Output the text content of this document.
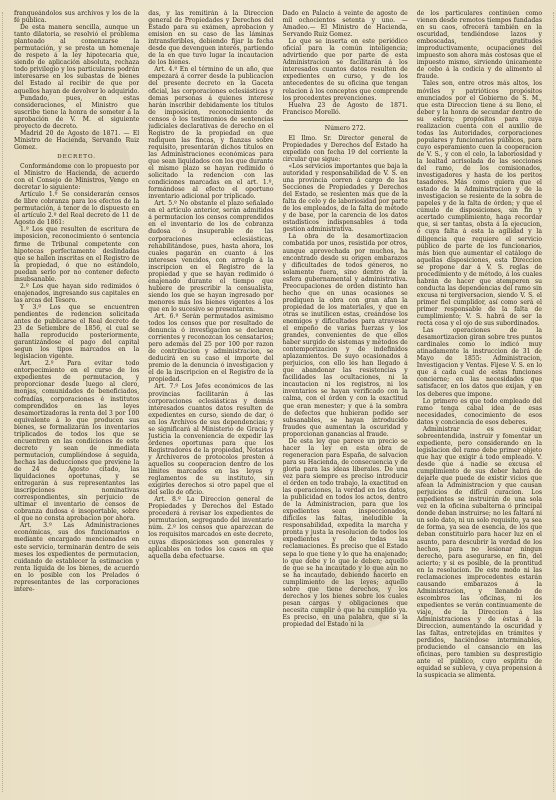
franqueándolos sus archivos y los de la fé pública.

De esta manera sencilla, aunque un tanto dilatoria, se resolvió el problema planteado al comenzarse la permutación, y se presta un homenaje de respeto á la ley hipotecaria que, siendo de aplicación absoluta, rechaza todo privilegio y los particulares podrán interesarse en los subastas de bienes del Estado al recibir de que por aquellos hayan de devolver lo adquirido.

Fundado, pues, en estas consideraciones, el Ministro que suscribe tiene la honra de someter á la aprobación de V. M. el siguiente proyecto de decreto.

Madrid 20 de Agosto de 1871. — El Ministro de Hacienda, Servando Ruiz Gomez.

DECRETO.

Conformándome con lo propuesto por el Ministro de Hacienda, de acuerdo con el Consejo de Ministros, Vengo en decretar lo siguiente:

Artículo 1.º Se considerarán censos de libre cobranza para los efectos de la permutación, á tenor de lo dispuesto en el artículo 2.º del Real decreto de 11 de Agosto de 1861:

1.º Los que resulten de escritura de imposicion, reconocimiento ó sentencia firme de Tribunal competente con hipotecas perfectamente deslindadas que se hallen inscritas en el Registro de la propiedad, ó que no estándolo, puedan serlo por no contener defecto insubsanable.

2.º Los que hayan sido redimidos ó enajenados, ingresando sus capitales en las arcas del Tesoro.

Y 3.º Los que se encuentren pendientes de redencion solicitada antes de publicarse el Real decreto de 23 de Setiembre de 1856, el cual se halla reproducido posteriormente, garantizándose el pago del capital segun los tipos marcados en la legislacion vigente.

Art. 2.º Para evitar todo entorpecimiento en el curso de los expedientes de permutacion, y proporcionar desde luego al clero, monjas, comunidades de beneficiados, cofradías, corporaciones é institutos comprendidos en las leyes desamortizadoras la renta del 3 por 100 equivalente á lo que producen sus bienes, se formalizarán los inventarios triplicados de todos los que se encuentren en las condiciones de este decreto y sean de inmediata permutacion, cumpliéndose á seguida, hechas las deducciones que previene la de 24 de Agosto citado, las liquidaciones oportunas, y se entregarán á sus representantes las inscripciones nominativas correspondientes, sin perjuicio de ultimar el inventario de censos de cobranza dudosa é insoportable, sobre el que no consta aprobacion por ahora.

Art. 3.º Las Administraciones económicas, sus dos funcionarios o mediante encargado mencionados en este servicio, terminarán dentro de seis meses los expedientes de permutacion, cuidando de establecer la estimacion y renta líquida de los bienes, de acuerdo en lo posible con los Prelados ó representantes de las corporaciones intere-

das, y las remitirán á la Direccion general de Propiedades y Derechos del Estado para su exámen, aprobacion y emision en su caso de las láminas intransferibles, debiendo fijar la fecha desde que devenguen interés, partiendo de la en que tuvo lugar la incautacion de los bienes.

Art. 4.º En el término de un año, que empezará á correr desde la publicacion del presente decreto en la Gaceta oficial, las corporaciones eclesiásticas y demas personas á quienes interese harán inscribir debidamente los títulos de imposicion, reconocimiento de censos ó los testimonios de sentencias judiciales declarativas de derecho en el Registro de la propiedad en que radiquen las fincas, y fianzas sobre requisito, presentarán dichos títulos en las Administraciones económicas para que sean liquidados con los que durante el mismo plazo se hayan redimido ó solicitado la redencion con las condiciones marcadas en el art. 1.º, formándose al efecto el oportuno inventario adicional por triplicado.

Art. 5.º No obstante el plazo señalado en el artículo anterior, serán admitidos á permutacion los censos comprendidos en el inventario de los de cobranza dudosa ó insuperable de las corporaciones eclesiásticas, rehabilitándose, pues, hasta ahora, los cuales pagarán en cuanto á los intereses vencidos, con arreglo á la inscripcion en el Registro de la propiedad y que se hayan redimido ó enajenado durante el tiempo que hubiere de prescribir la censualista, siendo los que se hayan ingresado por menores más los bienes vigentes á los que en lo sucesivo se presentaren.

Art. 6.º Serán permutados asimismo todos los censos que por resultado de denuncia ó investigacion se declaren corrientes y reconozcan los censatarios; pero además del 25 por 100 por razon de contribucion y administracion, se deducirá en su caso el importe del premio de la denuncia ó investigacion y el de la inscripcion en el Registro de la propiedad.

Art. 7.º Los Jefes económicos de las provincias facilitarán á las corporaciones eclesiásticas y demás interesados cuantos datos resulten de expedientes en curso, siendo de dar, ó en los Archivos de sus dependencias; y se significará al Ministerio de Gracia y Justicia la conveniencia de expedir las órdenes oportunas para que los Registradores de la propiedad, Notarios y Archiveros de protocolos presten á aquellos su cooperacion dentro de los límites marcados en las leyes y reglamentos de su instituto, sin exigirles derechos si otro papel que el del sello de oficio.

Art. 8.º La Direccion general de Propiedades y Derechos del Estado procederá á revisar los expedientes de permutacion, segregando del inventario núm. 2.º los censos que aparezcan de los requisitos marcados en este decreto, cuyas disposiciones son generales y aplicables en todos los casos en que aquella deba efectuarse.

Dado en Palacio á veinte de agosto de mil ochocientos setenta y uno. —Amadeo.— El Ministro de Hacienda, Servando Ruiz Gomez.

Lo que se inserta en este periódico oficial para la común inteligencia; advirtiendo que por parte de esta Administracion se facilitarán á los interesados cuantos datos resulten de expedientes en curso, y de los antecedentes de su oficina que tengan relacion á los conceptos que comprende los procedentes prevenciones.

Huelva 23 de Agosto de 1871. Francisco Morelló.

Número 272.

El Ilmo. Sr. Director general de Propiedades y Derechos del Estado ha expedido con fecha 19 del corriente la circular que sigue:

«Los servicios importantes que baja la autoridad y responsabilidad de V. S. en una provincia corren á cargo de las Secciones de Propiedades y Derechos del Estado, se resienten más que de la falta de celo y de laboriosidad por parte de los empleados, de la falta de método y de base, por la carencia de los datos estadísticos indispensables á toda gestion administrativa.

La obra de la desamortizacion combatida por unos, resistida por otros, aunque aprovechada por muchos, ha encontrado desde su origen embarazos y dificultades de todos géneros, no solamente fuera, sino dentro de la esfera gubernamental y administrativa. Preocupaciones de orden distinto han hecho que en unas ocasiones se prediquen la obra con gran afan la propiedad de los materiales, y que en otras se inutilicen estas, creándose los enemigos y dificultades para atravesar el empeño de varias fuerzas y los grandes, convenientes de que ellos haber surgido de sistemas y métodos de contemporizacion y de indefinidos aplazamientos. De suyo ocasionados á perjuicios, con ello les han llegado á que abandonar las resistencias y facilidades las ocultaciones, ni la incautacion ni los registros, ni los inventarios se hayan verificado con la calma, con el órden y con la exactitud que eran menester; y que á la sombra de defectos que hubieran podido ser subsanables, se hayan introducido fraudes que aumentan la oscuridad y proporcionan ganancias al fraude.

De esta ley que parece un precio se hacer la ley en esta obra de regeneracion para España, de salvacion para su Hacienda, de consecuencia y de gloria para las ideas liberales. De una vez para siempre es preciso introducir el órden en todo trabajo, la exactitud en las operaciones, la verdad en los datos, la publicidad en todos los actos, dentro de la Administracion, para que los expedientes sean inspeccionados, difíciles las faltas, ineludible la responsabilidad, expedita la marcha y pronta y justa la resolucion de todos los expedientes y de todas las reclamaciones. Es preciso que el Estado sepa lo que tiene y lo que ha enajenado; lo que debe y lo que le deben; aquello de que se ha incautado y lo que aún no se ha incautado, debiendo hacerlo en cumplimiento de las leyes; aquello sobre que tiene derechos, y los derechos y los bienes sobre los cuales pesan cargas y obligaciones que necesita cumplir ó que ha cumplido ya. Es preciso, en una palabra, que si la propiedad del Estado ni la

de los particulares continúen como vienen desde remotos tiempos fundadas en su caos, ofrecerá también en la oscuridad, tendiéndose lazos y emboscadas, gratitudes improductivamente, ocupaciones del impuesto son ahora más costosas que el impuesto mismo, sirviendo únicamente de cebo á la codicia y de alimento al fraude.

Tales son, entre otros más altos, los móviles y patrióticos propósitos enunciados por el Gobierno de S. M., que esta Direccion tiene á su lleno, el deber y la honra de secundar dentro de su esfera; propósitos para cuya realizacion cuenta con el auxilio de todas las Autoridades, corporaciones populares y funcionarios públicos, para cuyo esperamiento cuen la cooperacion de V. S., y con el celo, la laboriosidad y la lealtad acrisolada de las secciones del ramo, de los comisionados, investigadores y hasta de los peritos tasadores. Más como quiera que el estado de la Administracion y de la investigacion se resiente de la sobra de papeles y de la falta de órden; y que el cúmulo de disposiciones, sin fin y acertado cumplimiento, haga recordar que, si ser tantas, obsta á la ejecucion, ó cuya falta á esta la agilidad y la diligencia que requiere el servicio público de parte de los funcionarios, más bien que aumentar el catálogo de aquellas disposiciones, esta Direccion se propone dar á V. S. reglas de procedimiento y de método, á los cuales habrán de hacer que atemperen su conducta las dependencias del ramo sin excusa ni tergiversacion, siendo V. S. el primer fiel cumplidor, así como será el primer responsable de la falta de cumplimiento; V. S. habrá de ser la recta cosa y el ojo de sus subordinados.

Las operaciones de la desamortizacion giran sobre tres puntos cardinales como lo indicó muy atinadamente la instruccion de 31 de Mayo de 1855: Administracion, Investigacion y Ventas. Fijese V. S. en lo que á cada cual de estas funciones concierne; en las necesidades que satisfacer, en los datos que exijan, y en los deberes que impone.

Lo primero es que todo empleado del ramo tenga cabal idea de esas necesidades, conocimiento de esos datos y conciencia de esos deberes.

Administrar es cuidar, sobreentendida, instruir y fomentar un expediente, pero considerando en la legislacion del ramo debe primer objeto que hay que exigir á todo empleado. V. desde que á nadie se excusa el cumplimiento de sus deber habrá de dejarle que puede de existir vicios que afean la Administracion y que causan perjuicios de difícil curacion. Los expedientes se instruirán de una sola vez en la oficina subalterna ó principal donde deban instruirse; no les faltará ni un solo dato, ni un solo requisito, ya sea de forma, ya sea de esencia, de los que deban constituirlo para hacer luz en el asunto, para descubrir la verdad de los hechos, para no lesionar ningun derecho, para asegurarse, en fin, del acierto; y si es posible, de la prontitud en la resolucion. De este modo ni las reclamaciones improcedentes estarán causando embarazos á la Administracion, y llenando de escombros las oficinas, ni los expedientes se verán continuamente de viaje, de la Direccion á las Administraciones y de éstas á la Direccion, aumentando la oscuridad y las faltas, entretejidas en trámites y perdidos, haciéndose interminables, produciendo el cansancio en las oficinas, pero tambien su desprestigio ante el público, cuyo espíritu de equidad se subleva, y cuya propension á la suspicacia se alimenta.
